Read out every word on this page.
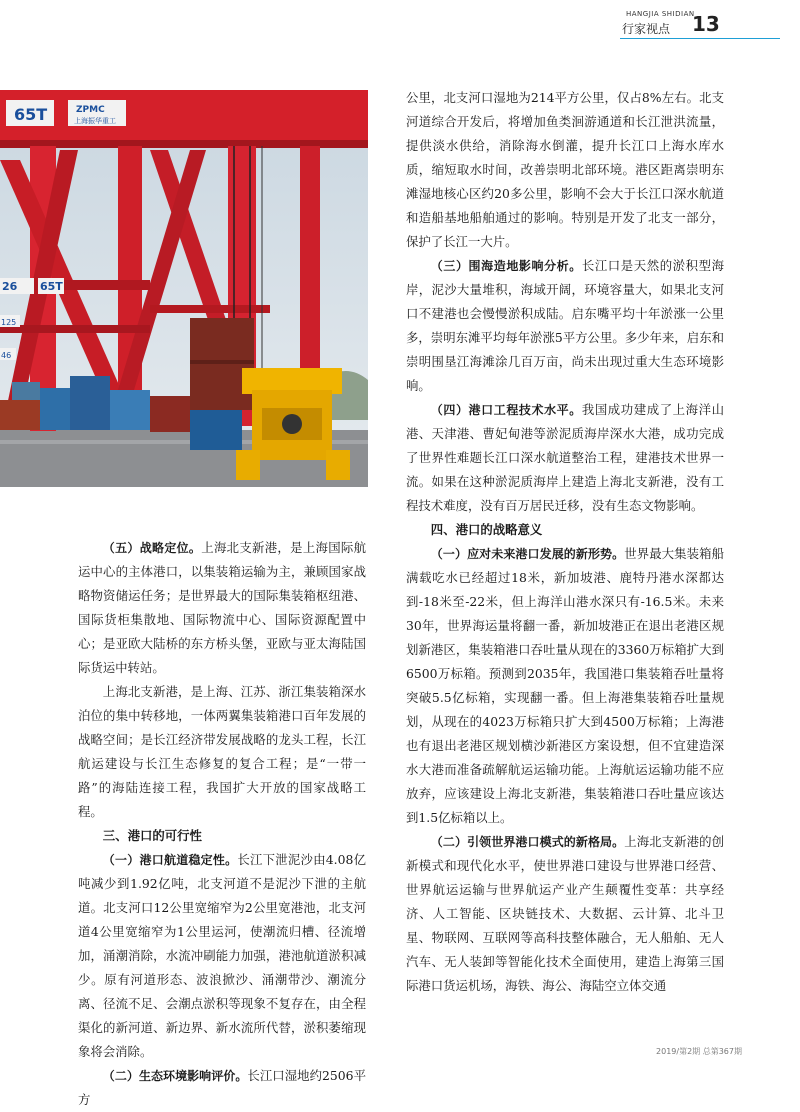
HANGJIA SHIDIAN
行家视点 13
65T	ZPMC
上海振华重工
26 65T
125
46

（五）战略定位。上海北支新港，是上海国际航运中心的主体港口，以集装箱运输为主，兼顾国家战略物资储运任务；是世界最大的国际集装箱枢纽港、国际货柜集散地、国际物流中心、国际资源配置中心；是亚欧大陆桥的东方桥头堡，亚欧与亚太海陆国际货运中转站。

上海北支新港，是上海、江苏、浙江集装箱深水泊位的集中转移地，一体两翼集装箱港口百年发展的战略空间；是长江经济带发展战略的龙头工程，长江航运建设与长江生态修复的复合工程；是“一带一路”的海陆连接工程，我国扩大开放的国家战略工程。

三、港口的可行性

（一）港口航道稳定性。长江下泄泥沙由4.08亿吨减少到1.92亿吨，北支河道不是泥沙下泄的主航道。北支河口12公里宽缩窄为2公里宽港池，北支河道4公里宽缩窄为1公里运河，使潮流归槽、径流增加，涌潮消除，水流冲刷能力加强，港池航道淤积减少。原有河道形态、波浪掀沙、涌潮带沙、潮流分离、径流不足、会潮点淤积等现象不复存在，由全程渠化的新河道、新边界、新水流所代替，淤积萎缩现象将会消除。

（二）生态环境影响评价。长江口湿地约2506平方

公里，北支河口湿地为214平方公里，仅占8%左右。北支河道综合开发后，将增加鱼类洄游通道和长江泄洪流量，提供淡水供给，消除海水倒灌，提升长江口上海水库水质，缩短取水时间，改善崇明北部环境。港区距离崇明东滩湿地核心区约20多公里，影响不会大于长江口深水航道和造船基地船舶通过的影响。特别是开发了北支一部分，保护了长江一大片。

（三）围海造地影响分析。长江口是天然的淤积型海岸，泥沙大量堆积，海域开阔，环境容量大，如果北支河口不建港也会慢慢淤积成陆。启东嘴平均十年淤涨一公里多，崇明东滩平均每年淤涨5平方公里。多少年来，启东和崇明围垦江海滩涂几百万亩，尚未出现过重大生态环境影响。

（四）港口工程技术水平。我国成功建成了上海洋山港、天津港、曹妃甸港等淤泥质海岸深水大港，成功完成了世界性难题长江口深水航道整治工程，建港技术世界一流。如果在这种淤泥质海岸上建造上海北支新港，没有工程技术难度，没有百万居民迁移，没有生态文物影响。

四、港口的战略意义

（一）应对未来港口发展的新形势。世界最大集装箱船满载吃水已经超过18米，新加坡港、鹿特丹港水深都达到-18米至-22米，但上海洋山港水深只有-16.5米。未来30年，世界海运量将翻一番，新加坡港正在退出老港区规划新港区，集装箱港口吞吐量从现在的3360万标箱扩大到6500万标箱。预测到2035年，我国港口集装箱吞吐量将突破5.5亿标箱，实现翻一番。但上海港集装箱吞吐量规划，从现在的4023万标箱只扩大到4500万标箱；上海港也有退出老港区规划横沙新港区方案设想，但不宜建造深水大港而准备疏解航运运输功能。上海航运运输功能不应放弃，应该建设上海北支新港，集装箱港口吞吐量应该达到1.5亿标箱以上。

（二）引领世界港口模式的新格局。上海北支新港的创新模式和现代化水平，使世界港口建设与世界港口经营、世界航运运输与世界航运产业产生颠覆性变革：共享经济、人工智能、区块链技术、大数据、云计算、北斗卫星、物联网、互联网等高科技整体融合，无人船舶、无人汽车、无人装卸等智能化技术全面使用，建造上海第三国际港口货运机场，海铁、海公、海陆空立体交通

2019/第2期 总第367期
